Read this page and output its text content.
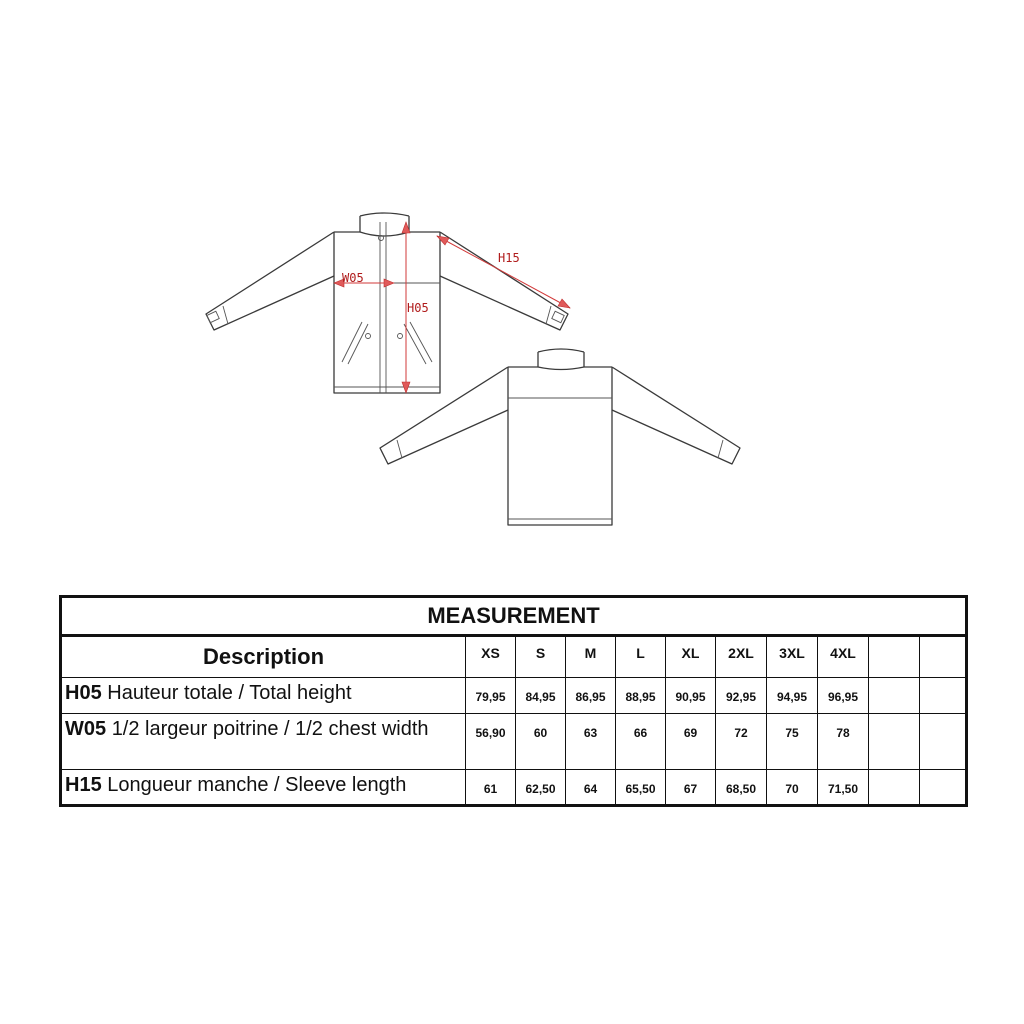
H15
W05
H05
MEASUREMENT										
Description	XS	S	M	L	XL	2XL	3XL	4XL		
H05 Hauteur totale / Total height	79,95	84,95	86,95	88,95	90,95	92,95	94,95	96,95		
W05 1/2 largeur poitrine / 1/2 chest width	56,90	60	63	66	69	72	75	78		
H15 Longueur manche / Sleeve length	61	62,50	64	65,50	67	68,50	70	71,50		
